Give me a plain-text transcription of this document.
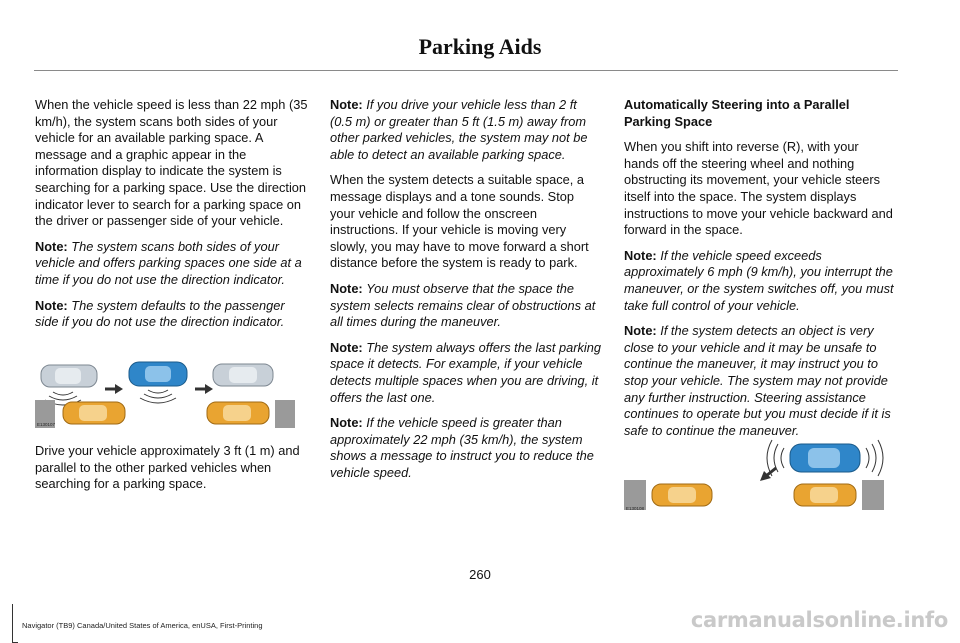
Parking Aids

When the vehicle speed is less than 22 mph (35 km/h), the system scans both sides of your vehicle for an available parking space. A message and a graphic appear in the information display to indicate the system is searching for a parking space. Use the direction indicator lever to search for a parking space on the driver or passenger side of your vehicle.

Note: The system scans both sides of your vehicle and offers parking spaces one side at a time if you do not use the direction indicator.

Note: The system defaults to the passenger side if you do not use the direction indicator.

E130107

Drive your vehicle approximately 3 ft (1 m) and parallel to the other parked vehicles when searching for a parking space.

Note: If you drive your vehicle less than 2 ft (0.5 m) or greater than 5 ft (1.5 m) away from other parked vehicles, the system may not be able to detect an available parking space.

When the system detects a suitable space, a message displays and a tone sounds. Stop your vehicle and follow the onscreen instructions. If your vehicle is moving very slowly, you may have to move forward a short distance before the system is ready to park.

Note: You must observe that the space the system selects remains clear of obstructions at all times during the maneuver.

Note: The system always offers the last parking space it detects. For example, if your vehicle detects multiple spaces when you are driving, it offers the last one.

Note: If the vehicle speed is greater than approximately 22 mph (35 km/h), the system shows a message to instruct you to reduce the vehicle speed.

Automatically Steering into a Parallel Parking Space

When you shift into reverse (R), with your hands off the steering wheel and nothing obstructing its movement, your vehicle steers itself into the space. The system displays instructions to move your vehicle backward and forward in the space.

Note: If the vehicle speed exceeds approximately 6 mph (9 km/h), you interrupt the maneuver, or the system switches off, you must take full control of your vehicle.

Note: If the system detects an object is very close to your vehicle and it may be unsafe to continue the maneuver, it may instruct you to stop your vehicle. The system may not provide any further instruction. Steering assistance continues to operate but you must decide if it is safe to continue the maneuver.

E130108
260
Navigator (TB9) Canada/United States of America, enUSA, First-Printing	carmanualsonline.info
